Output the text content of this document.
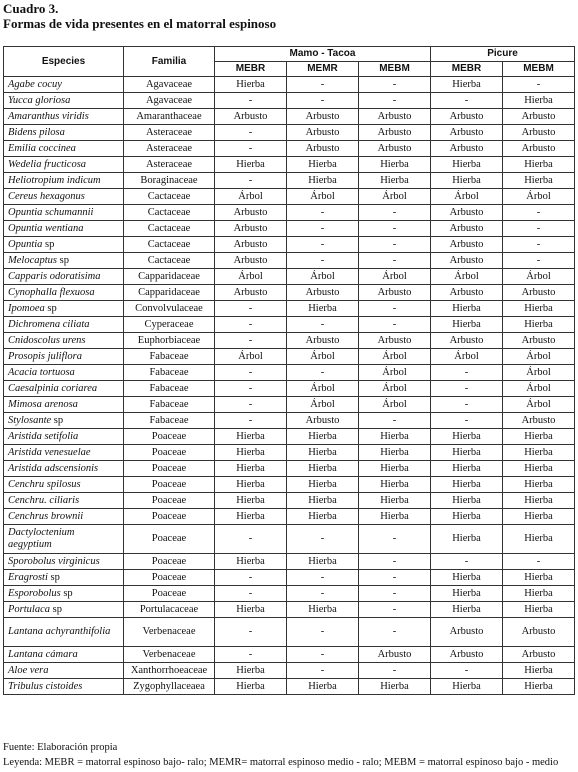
Cuadro 3.
Formas de vida presentes en el matorral espinoso
Especies	Familia	Mamo - Tacoa			Picure	
		MEBR	MEMR	MEBM	MEBR	MEBM
Agabe cocuy	Agavaceae	Hierba	-	-	Hierba	-
Yucca gloriosa	Agavaceae	-	-	-	-	Hierba
Amaranthus viridis	Amaranthaceae	Arbusto	Arbusto	Arbusto	Arbusto	Arbusto
Bidens pilosa	Asteraceae	-	Arbusto	Arbusto	Arbusto	Arbusto
Emilia coccinea	Asteraceae	-	Arbusto	Arbusto	Arbusto	Arbusto
Wedelia fructicosa	Asteraceae	Hierba	Hierba	Hierba	Hierba	Hierba
Heliotropium indicum	Boraginaceae	-	Hierba	Hierba	Hierba	Hierba
Cereus hexagonus	Cactaceae	Árbol	Árbol	Árbol	Árbol	Árbol
Opuntia schumannii	Cactaceae	Arbusto	-	-	Arbusto	-
Opuntia wentiana	Cactaceae	Arbusto	-	-	Arbusto	-
Opuntia sp	Cactaceae	Arbusto	-	-	Arbusto	-
Melocaptus sp	Cactaceae	Arbusto	-	-	Arbusto	-
Capparis odoratisima	Capparidaceae	Árbol	Árbol	Árbol	Árbol	Árbol
Cynophalla flexuosa	Capparidaceae	Arbusto	Arbusto	Arbusto	Arbusto	Arbusto
Ipomoea sp	Convolvulaceae	-	Hierba	-	Hierba	Hierba
Dichromena ciliata	Cyperaceae	-	-	-	Hierba	Hierba
Cnidoscolus urens	Euphorbiaceae	-	Arbusto	Arbusto	Arbusto	Arbusto
Prosopis juliflora	Fabaceae	Árbol	Árbol	Árbol	Árbol	Árbol
Acacia tortuosa	Fabaceae	-	-	Árbol	-	Árbol
Caesalpinia coriarea	Fabaceae	-	Árbol	Árbol	-	Árbol
Mimosa arenosa	Fabaceae	-	Árbol	Árbol	-	Árbol
Stylosante sp	Fabaceae	-	Arbusto	-	-	Arbusto
Aristida setifolia	Poaceae	Hierba	Hierba	Hierba	Hierba	Hierba
Aristida venesuelae	Poaceae	Hierba	Hierba	Hierba	Hierba	Hierba
Aristida adscensionis	Poaceae	Hierba	Hierba	Hierba	Hierba	Hierba
Cenchru spilosus	Poaceae	Hierba	Hierba	Hierba	Hierba	Hierba
Cenchru. ciliaris	Poaceae	Hierba	Hierba	Hierba	Hierba	Hierba
Cenchrus brownii	Poaceae	Hierba	Hierba	Hierba	Hierba	Hierba
Dactyloctenium aegyptium	Poaceae	-	-	-	Hierba	Hierba
Sporobolus virginicus	Poaceae	Hierba	Hierba	-	-	-
Eragrosti sp	Poaceae	-	-	-	Hierba	Hierba
Esporobolus sp	Poaceae	-	-	-	Hierba	Hierba
Portulaca sp	Portulacaceae	Hierba	Hierba	-	Hierba	Hierba
Lantana achyranthifolia	Verbenaceae	-	-	-	Arbusto	Arbusto
Lantana cámara	Verbenaceae	-	-	Arbusto	Arbusto	Arbusto
Aloe vera	Xanthorrhoeaceae	Hierba	-	-	-	Hierba
Tribulus cistoides	Zygophyllaceaea	Hierba	Hierba	Hierba	Hierba	Hierba
Fuente: Elaboración propia
Leyenda: MEBR = matorral espinoso bajo- ralo; MEMR= matorral espinoso medio - ralo; MEBM = matorral espinoso bajo - medio
